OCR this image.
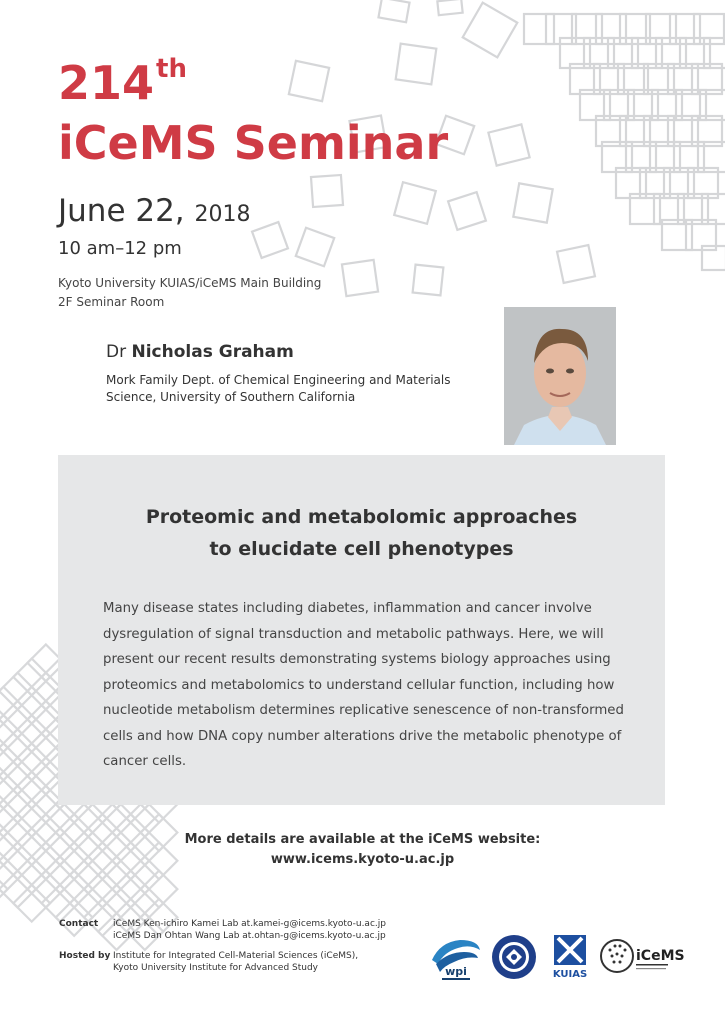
214th
iCeMS Seminar
June 22, 2018
10 am–12 pm
Kyoto University KUIAS/iCeMS Main Building
2F Seminar Room
Dr Nicholas Graham
Mork Family Dept. of Chemical Engineering and Materials
Science, University of Southern California
Proteomic and metabolomic approaches
to elucidate cell phenotypes
Many disease states including diabetes, inflammation and cancer involve
dysregulation of signal transduction and metabolic pathways. Here, we will
present our recent results demonstrating systems biology approaches using
proteomics and metabolomics to understand cellular function, including how
nucleotide metabolism determines replicative senescence of non-transformed
cells and how DNA copy number alterations drive the metabolic phenotype of
cancer cells.
More details are available at the iCeMS website:
www.icems.kyoto-u.ac.jp
Contact iCeMS Ken-ichiro Kamei Lab at.kamei-g@icems.kyoto-u.ac.jp
iCeMS Dan Ohtan Wang Lab at.ohtan-g@icems.kyoto-u.ac.jp
Hosted by Institute for Integrated Cell-Material Sciences (iCeMS),
Kyoto University Institute for Advanced Study	wpi	KUIAS
iCeMS
